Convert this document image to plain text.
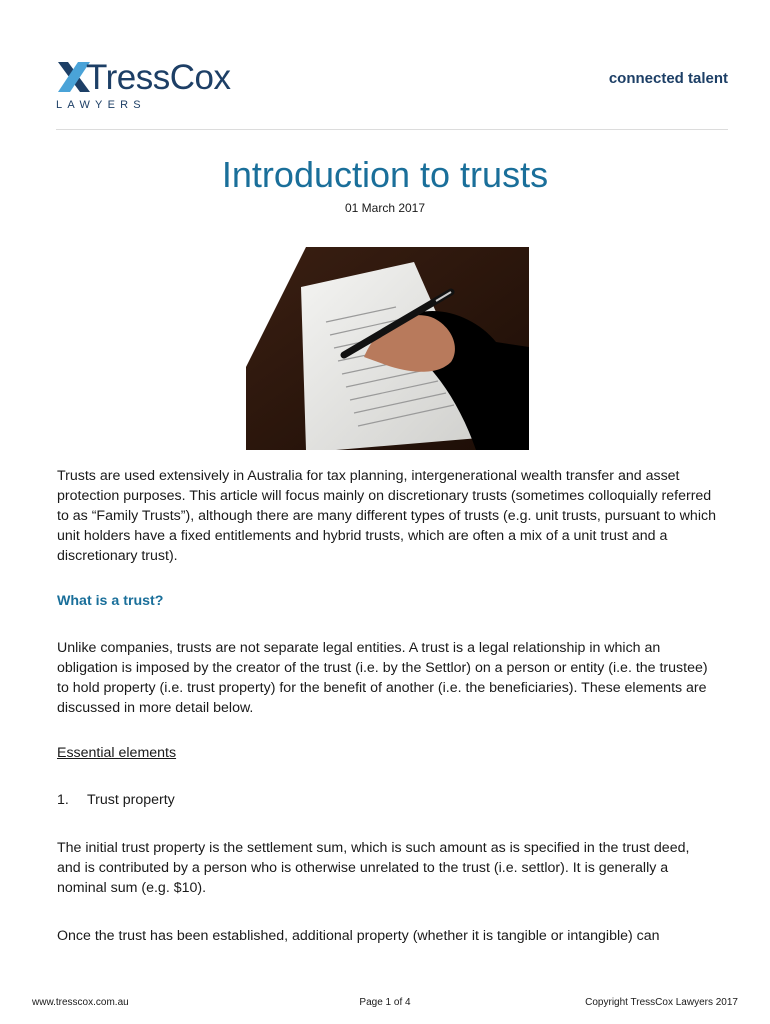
TressCox
LAWYERS
connected talent
Introduction to trusts
01 March 2017

Trusts are used extensively in Australia for tax planning, intergenerational wealth transfer and asset protection purposes. This article will focus mainly on discretionary trusts (sometimes colloquially referred to as “Family Trusts”), although there are many different types of trusts (e.g. unit trusts, pursuant to which unit holders have a fixed entitlements and hybrid trusts, which are often a mix of a unit trust and a discretionary trust).

What is a trust?

Unlike companies, trusts are not separate legal entities. A trust is a legal relationship in which an obligation is imposed by the creator of the trust (i.e. by the Settlor) on a person or entity (i.e. the trustee) to hold property (i.e. trust property) for the benefit of another (i.e. the beneficiaries). These elements are discussed in more detail below.

Essential elements

1. Trust property

The initial trust property is the settlement sum, which is such amount as is specified in the trust deed, and is contributed by a person who is otherwise unrelated to the trust (i.e. settlor). It is generally a nominal sum (e.g. $10).

Once the trust has been established, additional property (whether it is tangible or intangible) can

www.tresscox.com.au	Page 1 of 4	Copyright TressCox Lawyers 2017
